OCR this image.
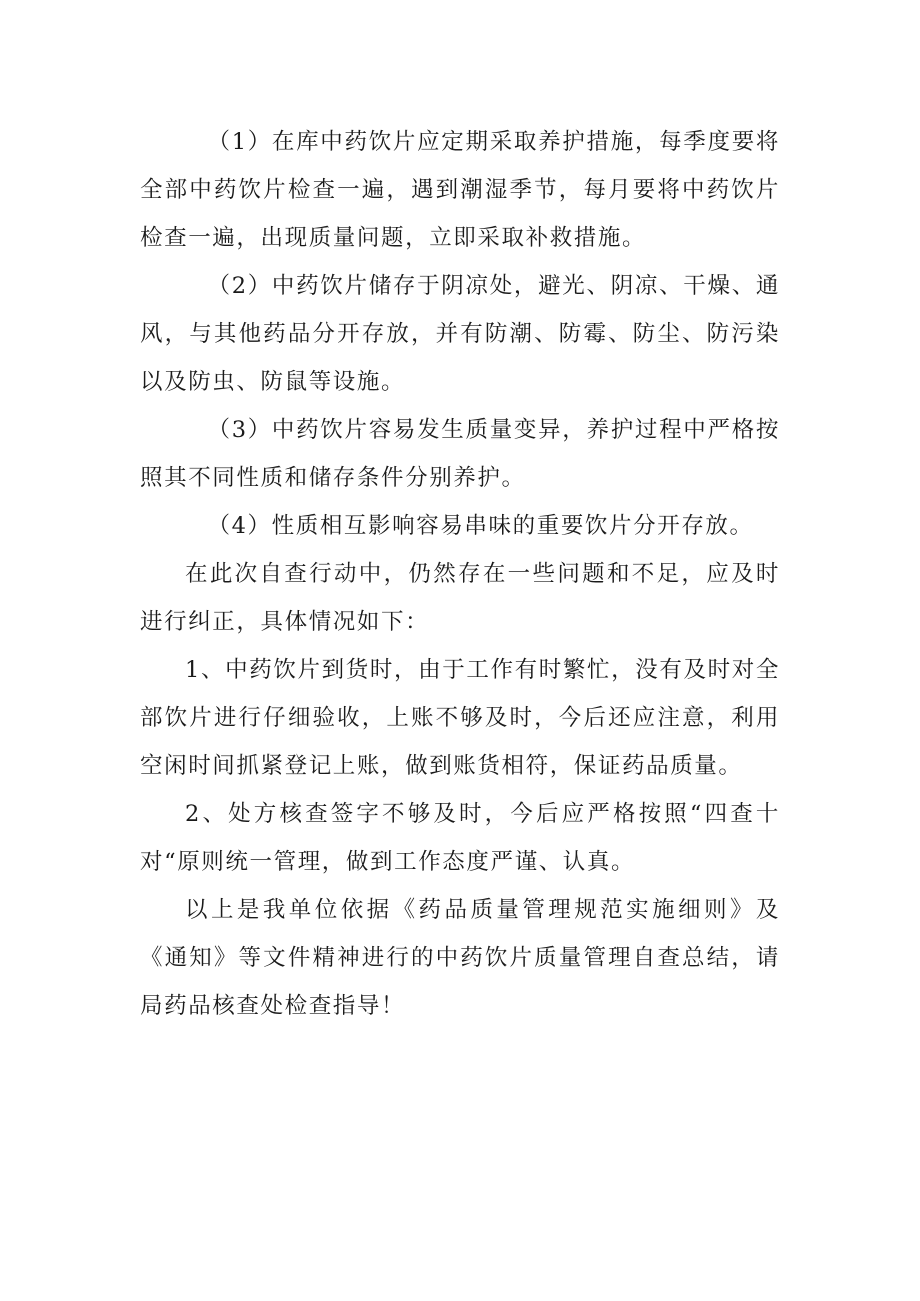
（1）在库中药饮片应定期采取养护措施，每季度要将全部中药饮片检查一遍，遇到潮湿季节，每月要将中药饮片检查一遍，出现质量问题，立即采取补救措施。

（2）中药饮片储存于阴凉处，避光、阴凉、干燥、通风，与其他药品分开存放，并有防潮、防霉、防尘、防污染以及防虫、防鼠等设施。

（3）中药饮片容易发生质量变异，养护过程中严格按照其不同性质和储存条件分别养护。

（4）性质相互影响容易串味的重要饮片分开存放。

在此次自查行动中，仍然存在一些问题和不足，应及时进行纠正，具体情况如下：

1、中药饮片到货时，由于工作有时繁忙，没有及时对全部饮片进行仔细验收，上账不够及时，今后还应注意，利用空闲时间抓紧登记上账，做到账货相符，保证药品质量。

2、处方核查签字不够及时，今后应严格按照“四查十对“原则统一管理，做到工作态度严谨、认真。

以上是我单位依据《药品质量管理规范实施细则》及《通知》等文件精神进行的中药饮片质量管理自查总结，请局药品核查处检查指导！
